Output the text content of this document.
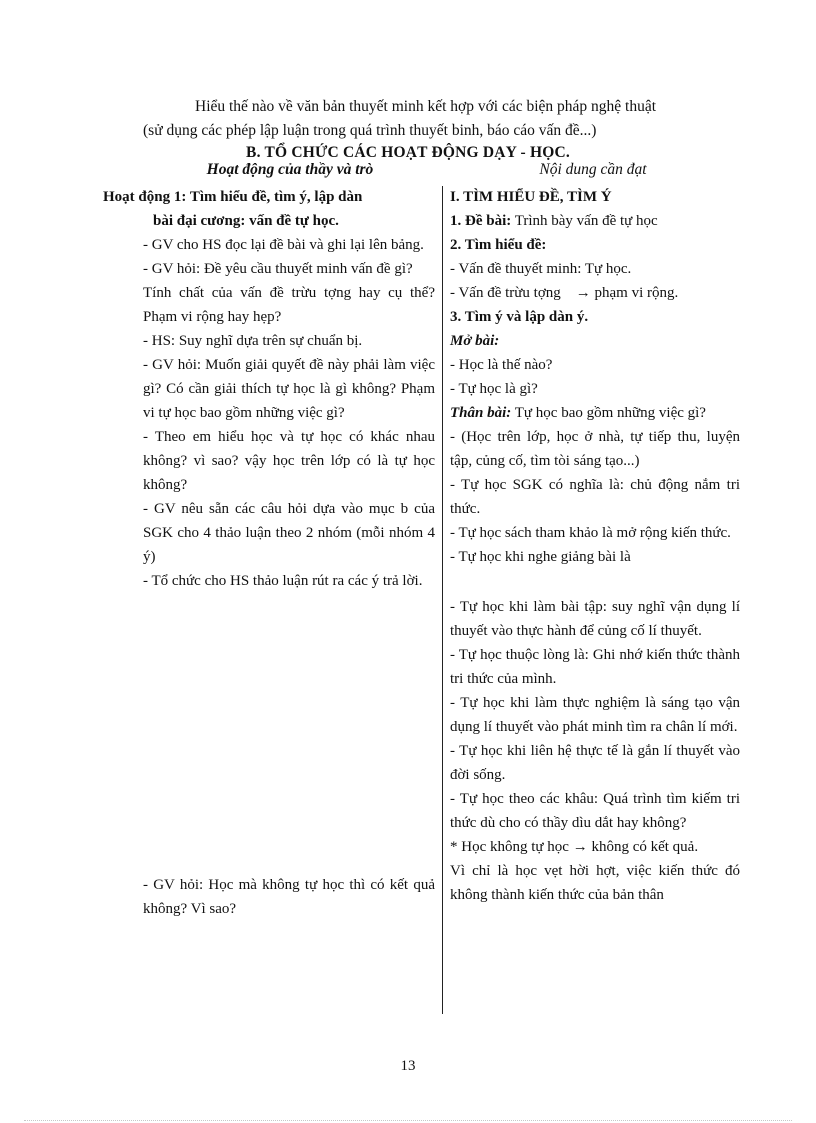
Hiểu thế nào về văn bản thuyết minh kết hợp với các biện pháp nghệ thuật

(sử dụng các phép lập luận trong quá trình thuyết binh, báo cáo vấn đề...)

B. TỔ CHỨC CÁC HOẠT ĐỘNG DẠY - HỌC.
Hoạt động của thầy và trò	Nội dung cần đạt

Hoạt động 1: Tìm hiểu đề, tìm ý, lập dàn

bài đại cương: vấn đề tự học.

- GV cho HS đọc lại đề bài và ghi lại lên bảng.

- GV hỏi: Đề yêu cầu thuyết minh vấn đề gì?

Tính chất của vấn đề trừu tợng hay cụ thể? Phạm vi rộng hay hẹp?

- HS: Suy nghĩ dựa trên sự chuẩn bị.

- GV hỏi: Muốn giải quyết đề này phải làm việc gì? Có cần giải thích tự học là gì không? Phạm vi tự học bao gồm những việc gì?

- Theo em hiểu học và tự học có khác nhau không? vì sao? vậy học trên lớp có là tự học không?

- GV nêu sẵn các câu hỏi dựa vào mục b của SGK cho 4 thảo luận theo 2 nhóm (mỗi nhóm 4 ý)

- Tổ chức cho HS thảo luận rút ra các ý trả lời.

- GV hỏi: Học mà không tự học thì có kết quả không? Vì sao?

I. TÌM HIỂU ĐỀ, TÌM Ý

1. Đề bài: Trình bày vấn đề tự học

2. Tìm hiểu đề:

- Vấn đề thuyết minh: Tự học.

- Vấn đề trừu tợng → phạm vi rộng.

3. Tìm ý và lập dàn ý.

Mở bài:

- Học là thế nào?

- Tự học là gì?

Thân bài: Tự học bao gồm những việc gì?

- (Học trên lớp, học ở nhà, tự tiếp thu, luyện tập, củng cố, tìm tòi sáng tạo...)

- Tự học SGK có nghĩa là: chủ động nắm tri thức.

- Tự học sách tham khảo là mở rộng kiến thức.

- Tự học khi nghe giảng bài là

- Tự học khi làm bài tập: suy nghĩ vận dụng lí thuyết vào thực hành để củng cố lí thuyết.

- Tự học thuộc lòng là: Ghi nhớ kiến thức thành tri thức của mình.

- Tự học khi làm thực nghiệm là sáng tạo vận dụng lí thuyết vào phát minh tìm ra chân lí mới.

- Tự học khi liên hệ thực tế là gắn lí thuyết vào đời sống.

- Tự học theo các khâu: Quá trình tìm kiếm tri thức dù cho có thầy dìu dắt hay không?

* Học không tự học → không có kết quả.

Vì chỉ là học vẹt hời hợt, việc kiến thức đó không thành kiến thức của bản thân

13
